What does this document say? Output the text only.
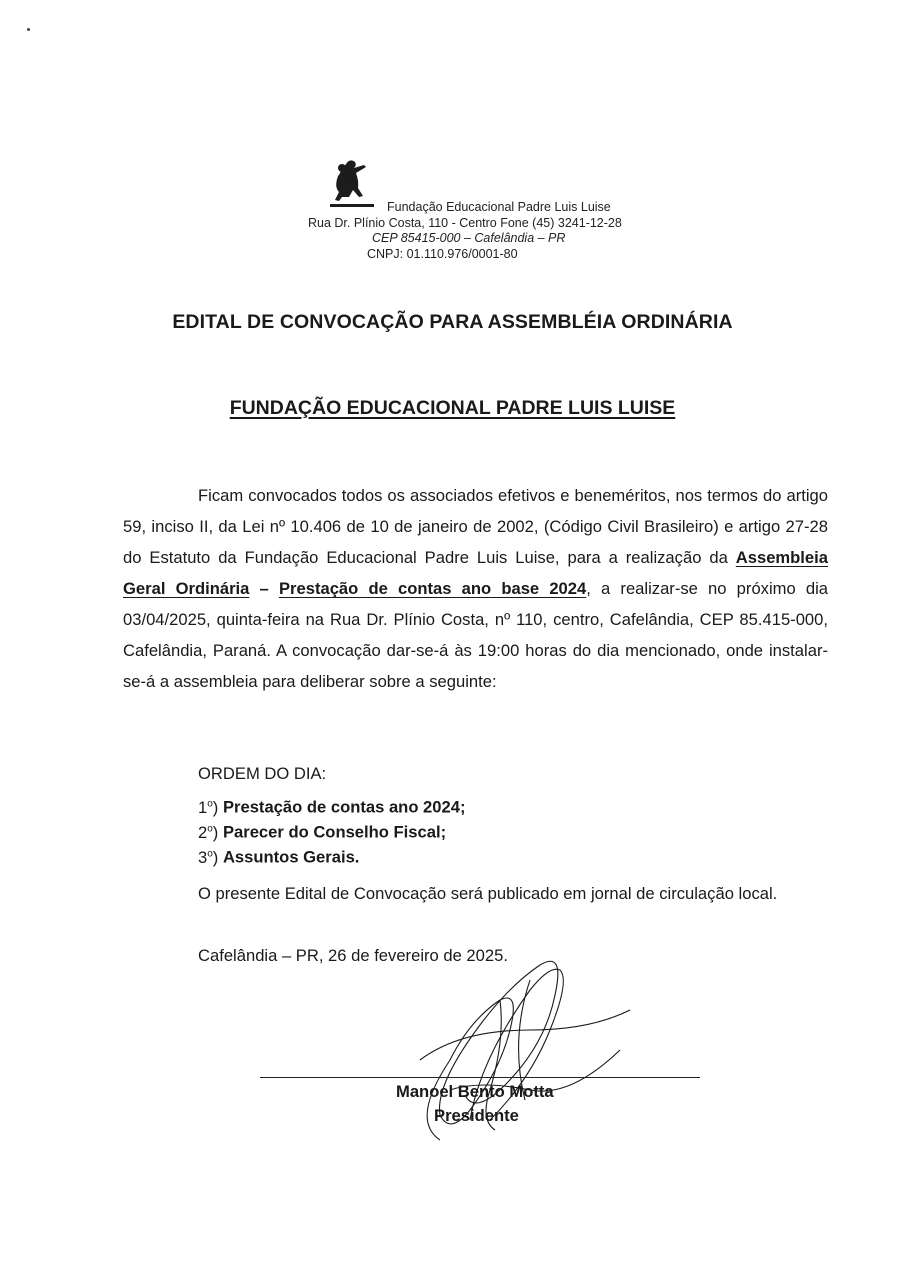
Fundação Educacional Padre Luis Luise
Rua Dr. Plínio Costa, 110 - Centro Fone (45) 3241-12-28
CEP 85415-000 – Cafelândia – PR
CNPJ: 01.110.976/0001-80
EDITAL DE CONVOCAÇÃO PARA ASSEMBLÉIA ORDINÁRIA
FUNDAÇÃO EDUCACIONAL PADRE LUIS LUISE

Ficam convocados todos os associados efetivos e beneméritos, nos termos do artigo 59, inciso II, da Lei nº 10.406 de 10 de janeiro de 2002, (Código Civil Brasileiro) e artigo 27-28 do Estatuto da Fundação Educacional Padre Luis Luise, para a realização da Assembleia Geral Ordinária – Prestação de contas ano base 2024, a realizar-se no próximo dia 03/04/2025, quinta-feira na Rua Dr. Plínio Costa, nº 110, centro, Cafelândia, CEP 85.415-000, Cafelândia, Paraná. A convocação dar-se-á às 19:00 horas do dia mencionado, onde instalar-se-á a assembleia para deliberar sobre a seguinte:

ORDEM DO DIA:

1$^o$) Prestação de contas ano 2024;
2$^o$) Parecer do Conselho Fiscal;
3$^o$) Assuntos Gerais.

O presente Edital de Convocação será publicado em jornal de circulação local.

Cafelândia – PR, 26 de fevereiro de 2025.

Manoel Bento Motta

Presidente
